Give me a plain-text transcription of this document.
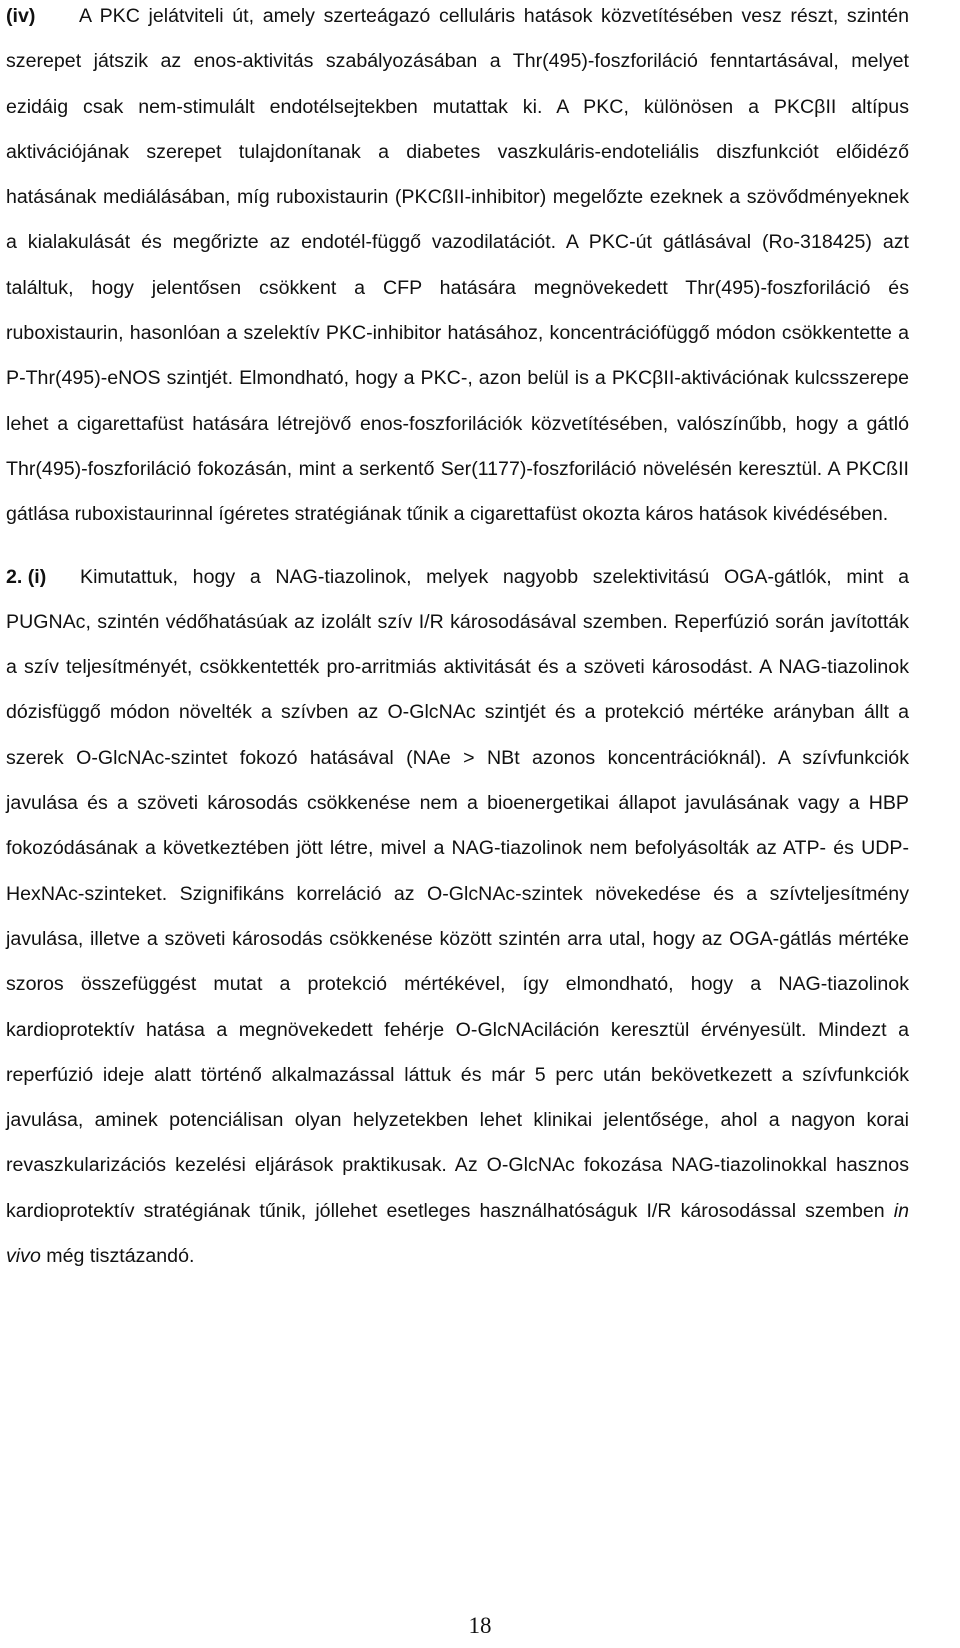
(iv) A PKC jelátviteli út, amely szerteágazó celluláris hatások közvetítésében vesz részt, szintén szerepet játszik az enos-aktivitás szabályozásában a Thr(495)-foszforiláció fenntartásával, melyet ezidáig csak nem-stimulált endotélsejtekben mutattak ki. A PKC, különösen a PKCβII altípus aktivációjának szerepet tulajdonítanak a diabetes vaszkuláris-endoteliális diszfunkciót előidéző hatásának mediálásában, míg ruboxistaurin (PKCßII-inhibitor) megelőzte ezeknek a szövődményeknek a kialakulását és megőrizte az endotél-függő vazodilatációt. A PKC-út gátlásával (Ro-318425) azt találtuk, hogy jelentősen csökkent a CFP hatására megnövekedett Thr(495)-foszforiláció és ruboxistaurin, hasonlóan a szelektív PKC-inhibitor hatásához, koncentrációfüggő módon csökkentette a P-Thr(495)-eNOS szintjét. Elmondható, hogy a PKC-, azon belül is a PKCβII-aktivációnak kulcsszerepe lehet a cigarettafüst hatására létrejövő enos-foszforilációk közvetítésében, valószínűbb, hogy a gátló Thr(495)-foszforiláció fokozásán, mint a serkentő Ser(1177)-foszforiláció növelésén keresztül. A PKCßII gátlása ruboxistaurinnal ígéretes stratégiának tűnik a cigarettafüst okozta káros hatások kivédésében.

2. (i) Kimutattuk, hogy a NAG-tiazolinok, melyek nagyobb szelektivitású OGA-gátlók, mint a PUGNAc, szintén védőhatásúak az izolált szív I/R károsodásával szemben. Reperfúzió során javították a szív teljesítményét, csökkentették pro-arritmiás aktivitását és a szöveti károsodást. A NAG-tiazolinok dózisfüggő módon növelték a szívben az O-GlcNAc szintjét és a protekció mértéke arányban állt a szerek O-GlcNAc-szintet fokozó hatásával (NAe > NBt azonos koncentrációknál). A szívfunkciók javulása és a szöveti károsodás csökkenése nem a bioenergetikai állapot javulásának vagy a HBP fokozódásának a következtében jött létre, mivel a NAG-tiazolinok nem befolyásolták az ATP- és UDP-HexNAc-szinteket. Szignifikáns korreláció az O-GlcNAc-szintek növekedése és a szívteljesítmény javulása, illetve a szöveti károsodás csökkenése között szintén arra utal, hogy az OGA-gátlás mértéke szoros összefüggést mutat a protekció mértékével, így elmondható, hogy a NAG-tiazolinok kardioprotektív hatása a megnövekedett fehérje O-GlcNAciláción keresztül érvényesült. Mindezt a reperfúzió ideje alatt történő alkalmazással láttuk és már 5 perc után bekövetkezett a szívfunkciók javulása, aminek potenciálisan olyan helyzetekben lehet klinikai jelentősége, ahol a nagyon korai revaszkularizációs kezelési eljárások praktikusak. Az O-GlcNAc fokozása NAG-tiazolinokkal hasznos kardioprotektív stratégiának tűnik, jóllehet esetleges használhatóságuk I/R károsodással szemben in vivo még tisztázandó.

18
